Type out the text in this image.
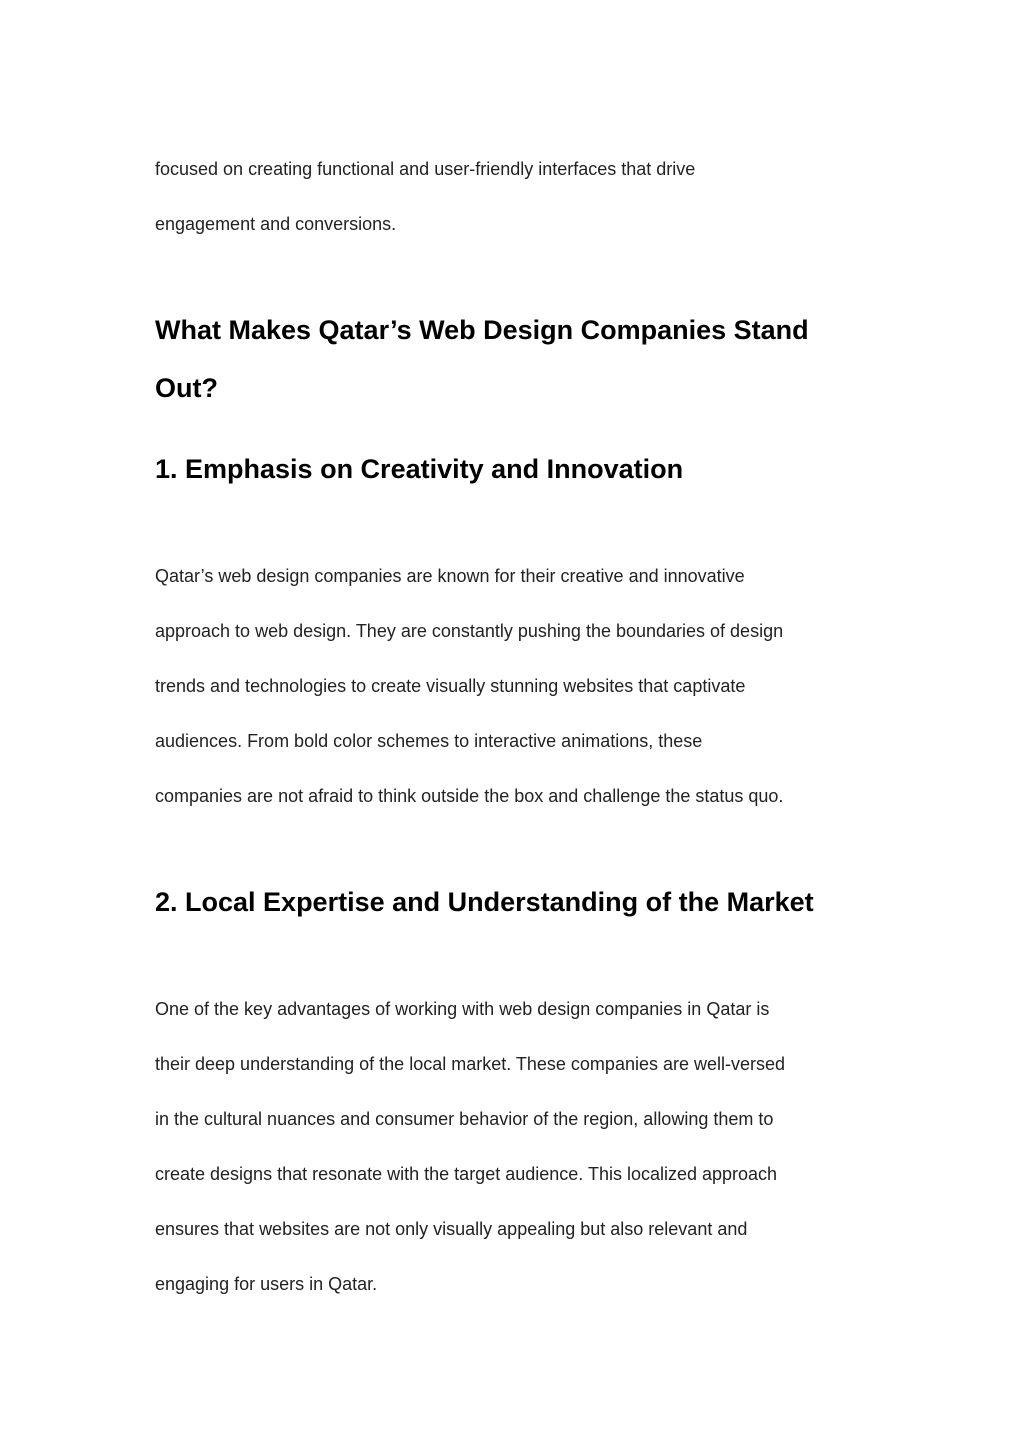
focused on creating functional and user-friendly interfaces that drive

engagement and conversions.

What Makes Qatar’s Web Design Companies Stand
Out?
1. Emphasis on Creativity and Innovation

Qatar’s web design companies are known for their creative and innovative

approach to web design. They are constantly pushing the boundaries of design

trends and technologies to create visually stunning websites that captivate

audiences. From bold color schemes to interactive animations, these

companies are not afraid to think outside the box and challenge the status quo.

2. Local Expertise and Understanding of the Market

One of the key advantages of working with web design companies in Qatar is

their deep understanding of the local market. These companies are well-versed

in the cultural nuances and consumer behavior of the region, allowing them to

create designs that resonate with the target audience. This localized approach

ensures that websites are not only visually appealing but also relevant and

engaging for users in Qatar.
